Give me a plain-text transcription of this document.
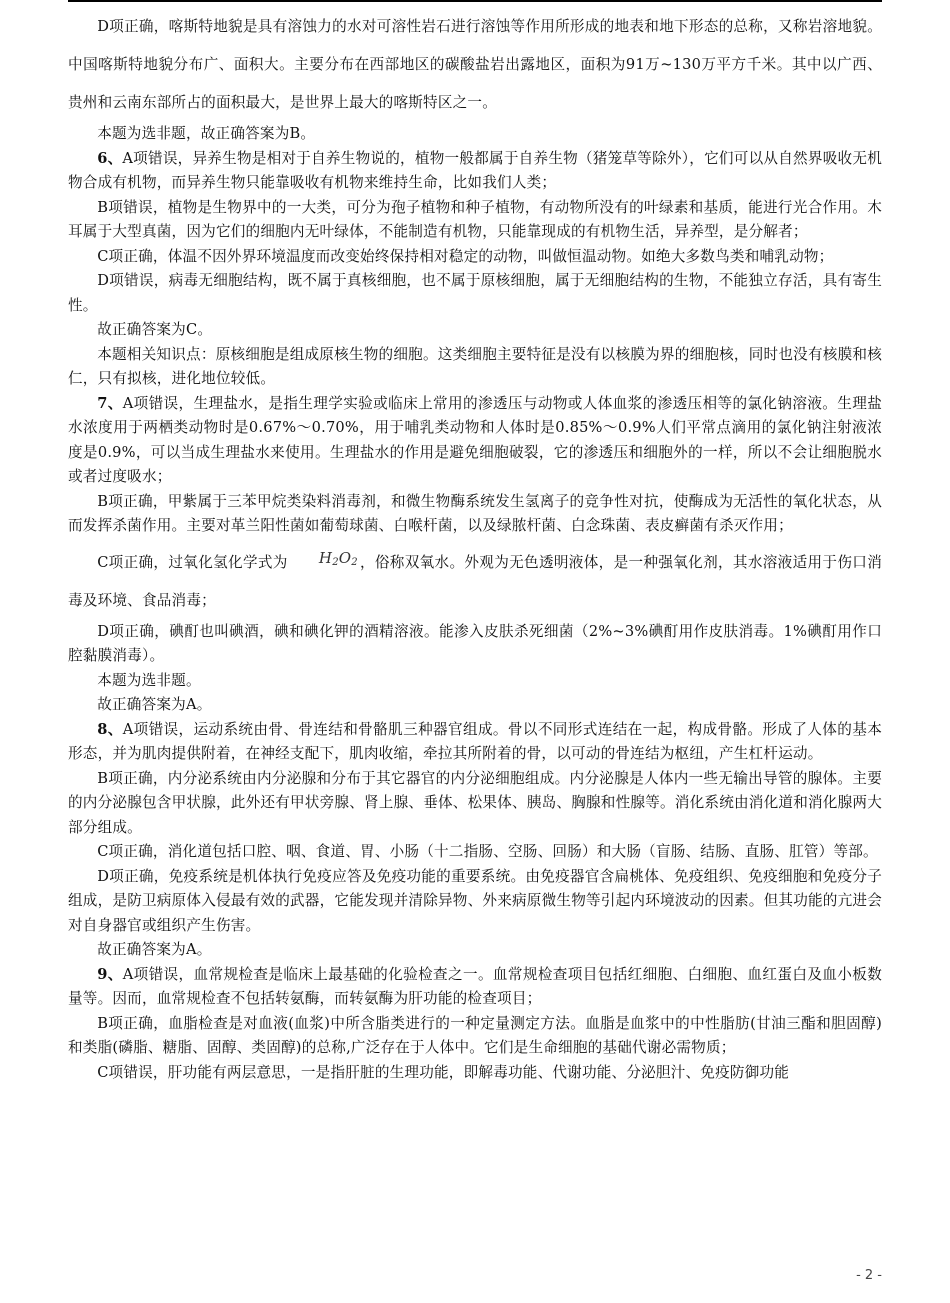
D项正确，喀斯特地貌是具有溶蚀力的水对可溶性岩石进行溶蚀等作用所形成的地表和地下形态的总称，又称岩溶地貌。中国喀斯特地貌分布广、面积大。主要分布在西部地区的碳酸盐岩出露地区，面积为91万~130万平方千米。其中以广西、贵州和云南东部所占的面积最大，是世界上最大的喀斯特区之一。

本题为选非题，故正确答案为B。

6、A项错误，异养生物是相对于自养生物说的，植物一般都属于自养生物（猪笼草等除外），它们可以从自然界吸收无机物合成有机物，而异养生物只能靠吸收有机物来维持生命，比如我们人类；

B项错误，植物是生物界中的一大类，可分为孢子植物和种子植物，有动物所没有的叶绿素和基质，能进行光合作用。木耳属于大型真菌，因为它们的细胞内无叶绿体，不能制造有机物，只能靠现成的有机物生活，异养型，是分解者；

C项正确，体温不因外界环境温度而改变始终保持相对稳定的动物，叫做恒温动物。如绝大多数鸟类和哺乳动物；

D项错误，病毒无细胞结构，既不属于真核细胞，也不属于原核细胞，属于无细胞结构的生物，不能独立存活，具有寄生性。

故正确答案为C。

本题相关知识点：原核细胞是组成原核生物的细胞。这类细胞主要特征是没有以核膜为界的细胞核，同时也没有核膜和核仁，只有拟核，进化地位较低。

7、A项错误，生理盐水，是指生理学实验或临床上常用的渗透压与动物或人体血浆的渗透压相等的氯化钠溶液。生理盐水浓度用于两栖类动物时是0.67%～0.70%，用于哺乳类动物和人体时是0.85%～0.9%人们平常点滴用的氯化钠注射液浓度是0.9%，可以当成生理盐水来使用。生理盐水的作用是避免细胞破裂，它的渗透压和细胞外的一样，所以不会让细胞脱水或者过度吸水；

B项正确，甲紫属于三苯甲烷类染料消毒剂，和微生物酶系统发生氢离子的竞争性对抗，使酶成为无活性的氧化状态，从而发挥杀菌作用。主要对革兰阳性菌如葡萄球菌、白喉杆菌，以及绿脓杆菌、白念珠菌、表皮癣菌有杀灭作用；

C项正确，过氧化氢化学式为 $H_2O_2$ ，俗称双氧水。外观为无色透明液体，是一种强氧化剂，其水溶液适用于伤口消毒及环境、食品消毒；

D项正确，碘酊也叫碘酒，碘和碘化钾的酒精溶液。能渗入皮肤杀死细菌（2%~3%碘酊用作皮肤消毒。1%碘酊用作口腔黏膜消毒）。

本题为选非题。

故正确答案为A。

8、A项错误，运动系统由骨、骨连结和骨骼肌三种器官组成。骨以不同形式连结在一起，构成骨骼。形成了人体的基本形态，并为肌肉提供附着，在神经支配下，肌肉收缩，牵拉其所附着的骨，以可动的骨连结为枢纽，产生杠杆运动。

B项正确，内分泌系统由内分泌腺和分布于其它器官的内分泌细胞组成。内分泌腺是人体内一些无输出导管的腺体。主要的内分泌腺包含甲状腺，此外还有甲状旁腺、肾上腺、垂体、松果体、胰岛、胸腺和性腺等。消化系统由消化道和消化腺两大部分组成。

C项正确，消化道包括口腔、咽、食道、胃、小肠（十二指肠、空肠、回肠）和大肠（盲肠、结肠、直肠、肛管）等部。

D项正确，免疫系统是机体执行免疫应答及免疫功能的重要系统。由免疫器官含扁桃体、免疫组织、免疫细胞和免疫分子组成，是防卫病原体入侵最有效的武器，它能发现并清除异物、外来病原微生物等引起内环境波动的因素。但其功能的亢进会对自身器官或组织产生伤害。

故正确答案为A。

9、A项错误，血常规检查是临床上最基础的化验检查之一。血常规检查项目包括红细胞、白细胞、血红蛋白及血小板数量等。因而，血常规检查不包括转氨酶，而转氨酶为肝功能的检查项目；

B项正确，血脂检查是对血液(血浆)中所含脂类进行的一种定量测定方法。血脂是血浆中的中性脂肪(甘油三酯和胆固醇)和类脂(磷脂、糖脂、固醇、类固醇)的总称,广泛存在于人体中。它们是生命细胞的基础代谢必需物质；

C项错误，肝功能有两层意思，一是指肝脏的生理功能，即解毒功能、代谢功能、分泌胆汁、免疫防御功能

- 2 -
